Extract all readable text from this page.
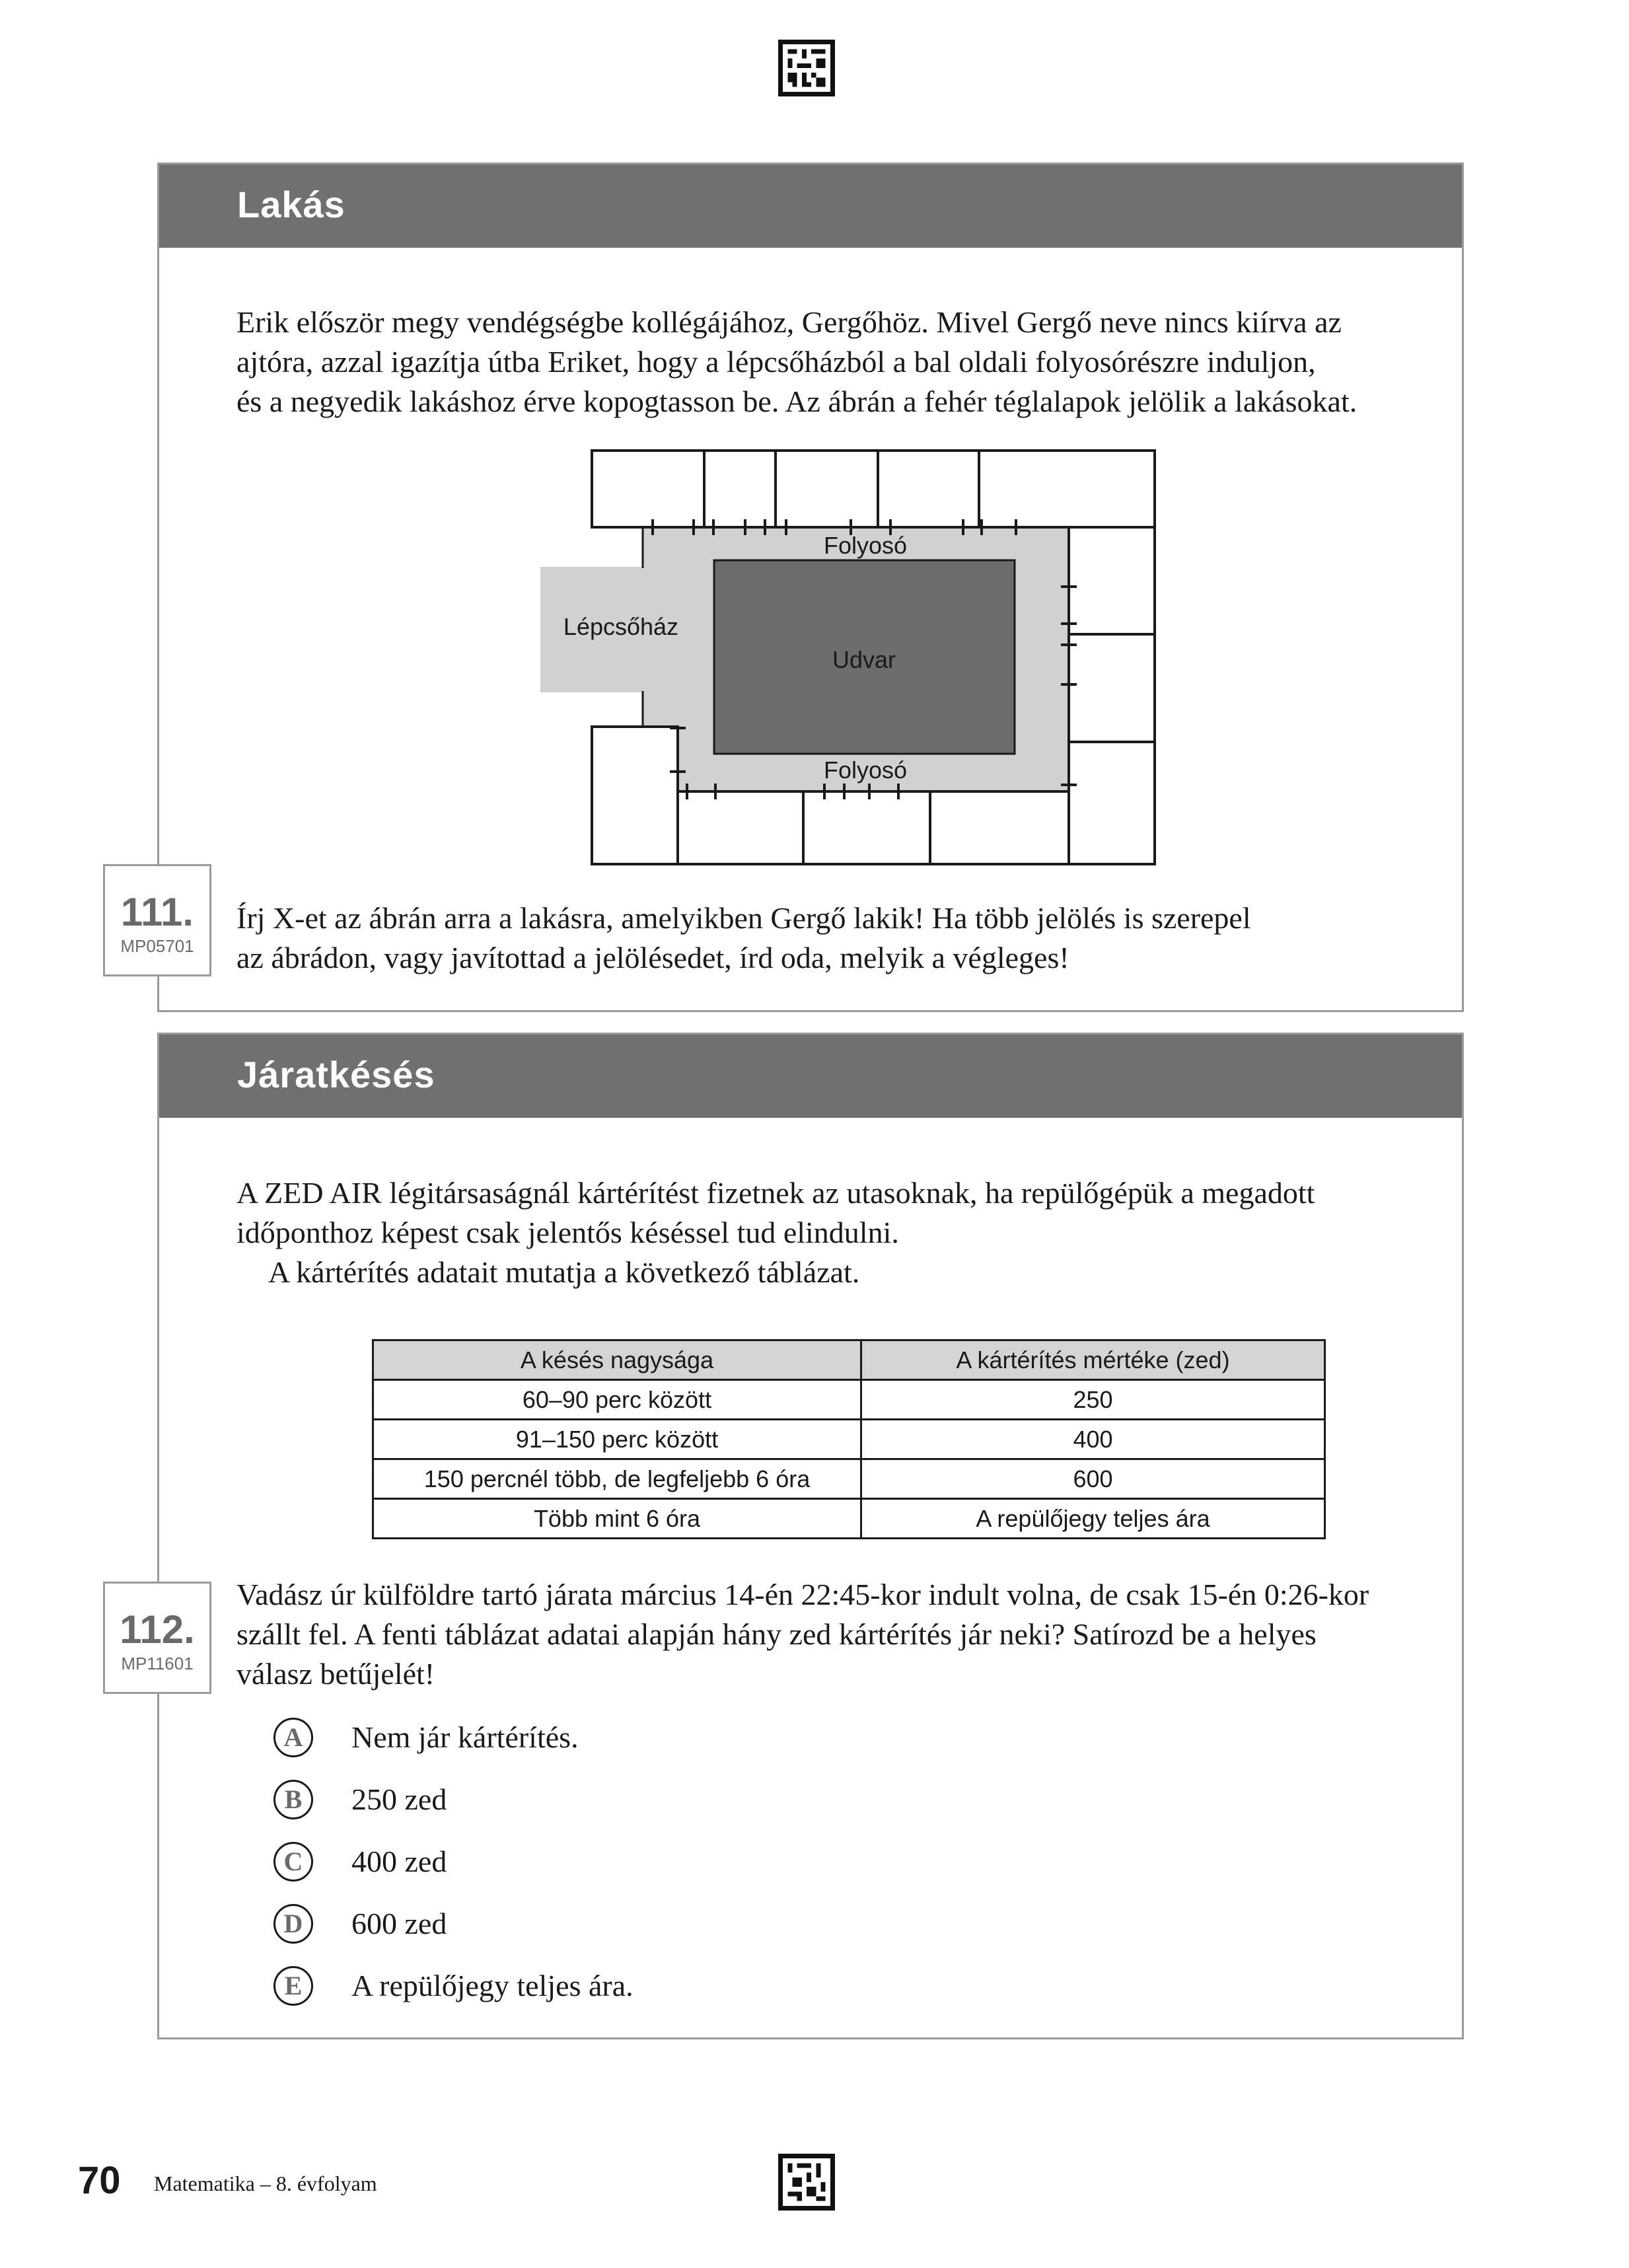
Lakás

Erik először megy vendégségbe kollégájához, Gergőhöz. Mivel Gergő neve nincs kiírva az
ajtóra, azzal igazítja útba Eriket, hogy a lépcsőházból a bal oldali folyosórészre induljon,
és a negyedik lakáshoz érve kopogtasson be. Az ábrán a fehér téglalapok jelölik a lakásokat.

Folyosó
Udvar
Lépcsőház
Folyosó
111.
MP05701

Írj X-et az ábrán arra a lakásra, amelyikben Gergő lakik! Ha több jelölés is szerepel
az ábrádon, vagy javítottad a jelölésedet, írd oda, melyik a végleges!

Járatkésés

A ZED AIR légitársaságnál kártérítést fizetnek az utasoknak, ha repülőgépük a megadott
időponthoz képest csak jelentős késéssel tud elindulni.
A kártérítés adatait mutatja a következő táblázat.

A késés nagysága	A kártérítés mértéke (zed)
60–90 perc között	250
91–150 perc között	400
150 percnél több, de legfeljebb 6 óra	600
Több mint 6 óra	A repülőjegy teljes ára
112.
MP11601

Vadász úr külföldre tartó járata március 14-én 22:45-kor indult volna, de csak 15-én 0:26-kor
szállt fel. A fenti táblázat adatai alapján hány zed kártérítés jár neki? Satírozd be a helyes
válasz betűjelét!

A	Nem jár kártérítés.
B	250 zed
C	400 zed
D	600 zed
E	A repülőjegy teljes ára.
70 Matematika – 8. évfolyam
